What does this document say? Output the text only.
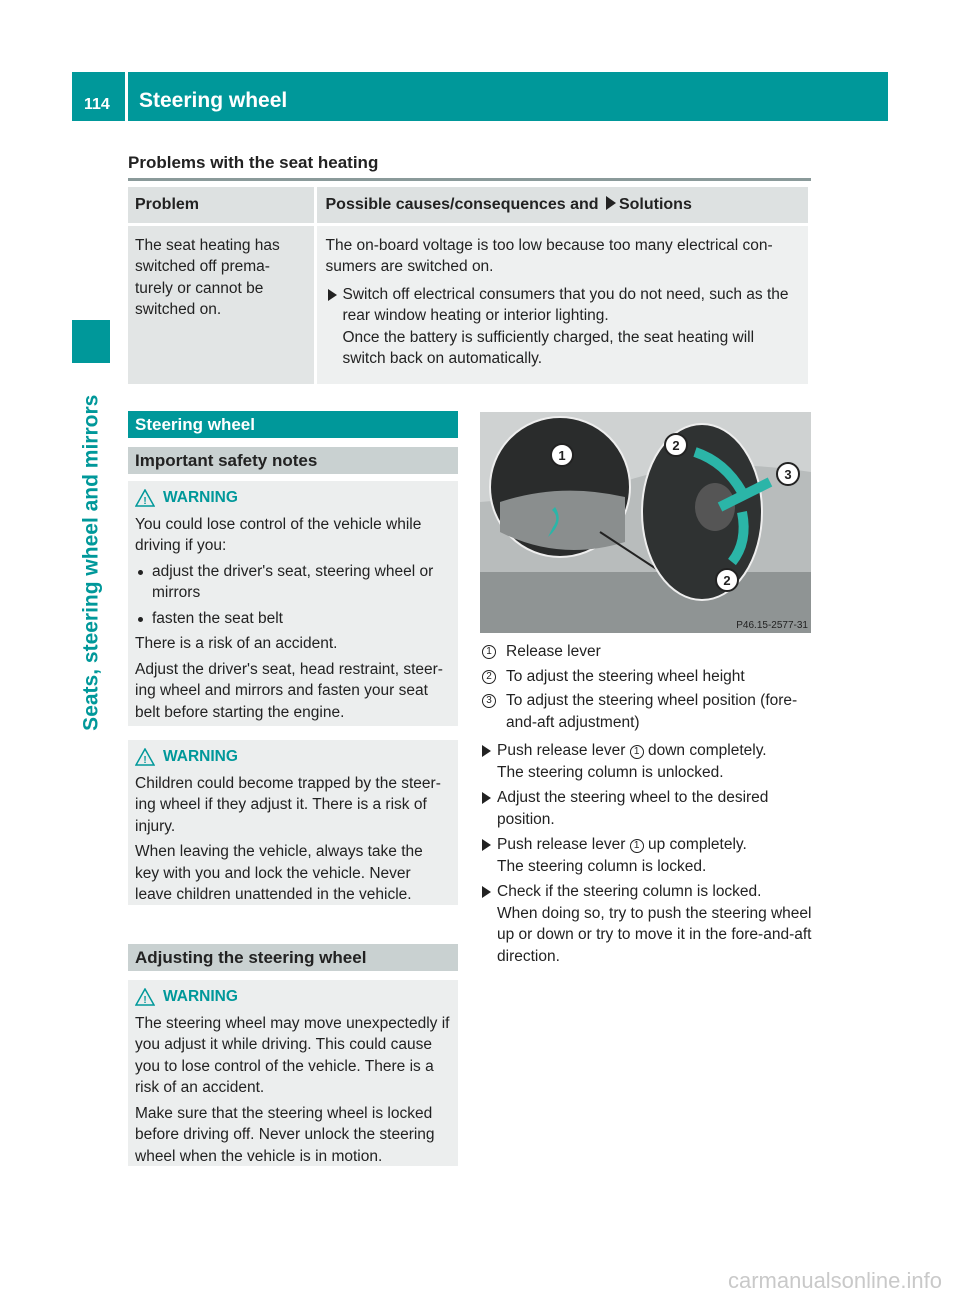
114	Steering wheel
Seats, steering wheel and mirrors
Problems with the seat heating
Problem	Possible causes/consequences and Solutions
The seat heating has switched off prema-turely or cannot be switched on.	The on-board voltage is too low because too many electrical con-sumers are switched on.
Switch off electrical consumers that you do not need, such as the rear window heating or interior lighting.
Once the battery is sufficiently charged, the seat heating will switch back on automatically.
Steering wheel
Important safety notes
! WARNING

You could lose control of the vehicle while driving if you:

adjust the driver's seat, steering wheel or mirrors
fasten the seat belt

There is a risk of an accident.

Adjust the driver's seat, head restraint, steer-ing wheel and mirrors and fasten your seat belt before starting the engine.

! WARNING

Children could become trapped by the steer-ing wheel if they adjust it. There is a risk of injury.

When leaving the vehicle, always take the key with you and lock the vehicle. Never leave children unattended in the vehicle.

Adjusting the steering wheel
! WARNING

The steering wheel may move unexpectedly if you adjust it while driving. This could cause you to lose control of the vehicle. There is a risk of an accident.

Make sure that the steering wheel is locked before driving off. Never unlock the steering wheel when the vehicle is in motion.

1
2
3
2
P46.15-2577-31
1 Release lever
2 To adjust the steering wheel height
3 To adjust the steering wheel position (fore-and-aft adjustment)
Push release lever 1 down completely.
The steering column is unlocked.
Adjust the steering wheel to the desired position.
Push release lever 1 up completely.
The steering column is locked.
Check if the steering column is locked.
When doing so, try to push the steering wheel up or down or try to move it in the fore-and-aft direction.
carmanualsonline.info
